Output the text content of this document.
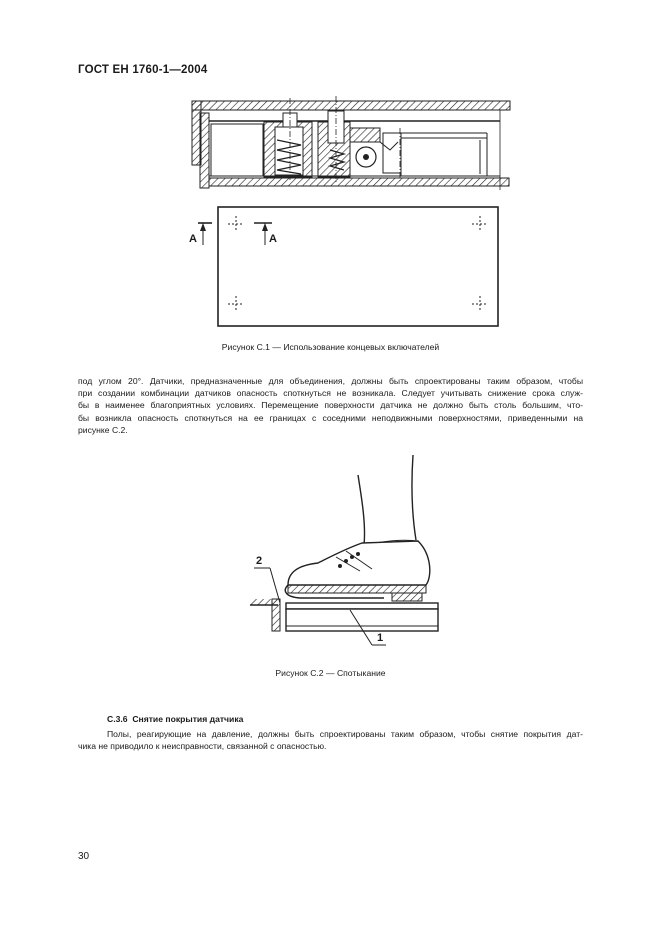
ГОСТ ЕН 1760-1—2004
A	A
Рисунок С.1 — Использование концевых включателей
под углом 20°. Датчики, предназначенные для объединения, должны быть спроектированы таким образом, чтобы
при создании комбинации датчиков опасность споткнуться не возникала. Следует учитывать снижение срока служ-
бы в наименее благоприятных условиях. Перемещение поверхности датчика не должно быть столь большим, что-
бы возникла опасность споткнуться на ее границах с соседними неподвижными поверхностями, приведенными на
рисунке С.2.
2
1
Рисунок С.2 — Спотыкание
С.3.6  Снятие покрытия датчика
Полы, реагирующие на давление, должны быть спроектированы таким образом, чтобы снятие покрытия дат-
чика не приводило к неисправности, связанной с опасностью.
30
